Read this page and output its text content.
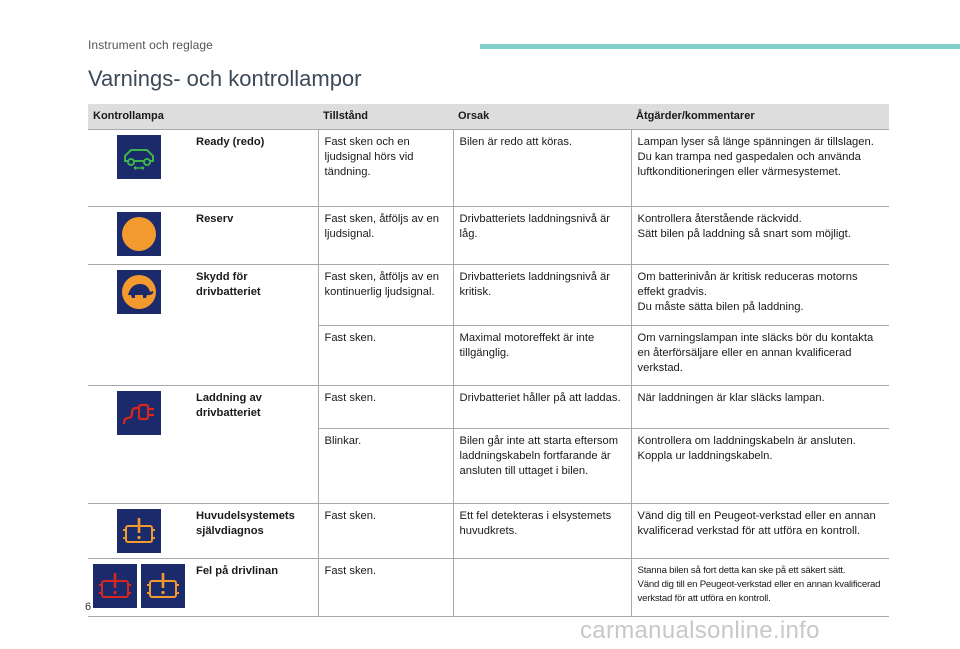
Instrument och reglage
Varnings- och kontrollampor
Kontrollampa		Tillstånd	Orsak	Åtgärder/kommentarer

	Ready (redo)	Fast sken och en ljudsignal hörs vid tändning.	Bilen är redo att köras.	Lampan lyser så länge spänningen är tillslagen.
Du kan trampa ned gaspedalen och använda luftkonditioneringen eller värmesystemet.

	Reserv	Fast sken, åtföljs av en ljudsignal.	Drivbatteriets laddningsnivå är låg.	Kontrollera återstående räckvidd.
Sätt bilen på laddning så snart som möjligt.

	Skydd för drivbatteriet	Fast sken, åtföljs av en kontinuerlig ljudsignal.	Drivbatteriets laddningsnivå är kritisk.	Om batterinivån är kritisk reduceras motorns effekt gradvis.
Du måste sätta bilen på laddning.

		Fast sken.	Maximal motoreffekt är inte tillgänglig.	Om varningslampan inte släcks bör du kontakta en återförsäljare eller en annan kvalificerad verkstad.

	Laddning av drivbatteriet	Fast sken.	Drivbatteriet håller på att laddas.	När laddningen är klar släcks lampan.

		Blinkar.	Bilen går inte att starta eftersom laddningskabeln fortfarande är ansluten till uttaget i bilen.	Kontrollera om laddningskabeln är ansluten.
Koppla ur laddningskabeln.

	Huvudelsystemets självdiagnos	Fast sken.	Ett fel detekteras i elsystemets huvudkrets.	Vänd dig till en Peugeot-verkstad eller en annan kvalificerad verkstad för att utföra en kontroll.

	Fel på drivlinan	Fast sken.		Stanna bilen så fort detta kan ske på ett säkert sätt.
Vänd dig till en Peugeot-verkstad eller en annan kvalificerad verkstad för att utföra en kontroll.
6
carmanualsonline.info
